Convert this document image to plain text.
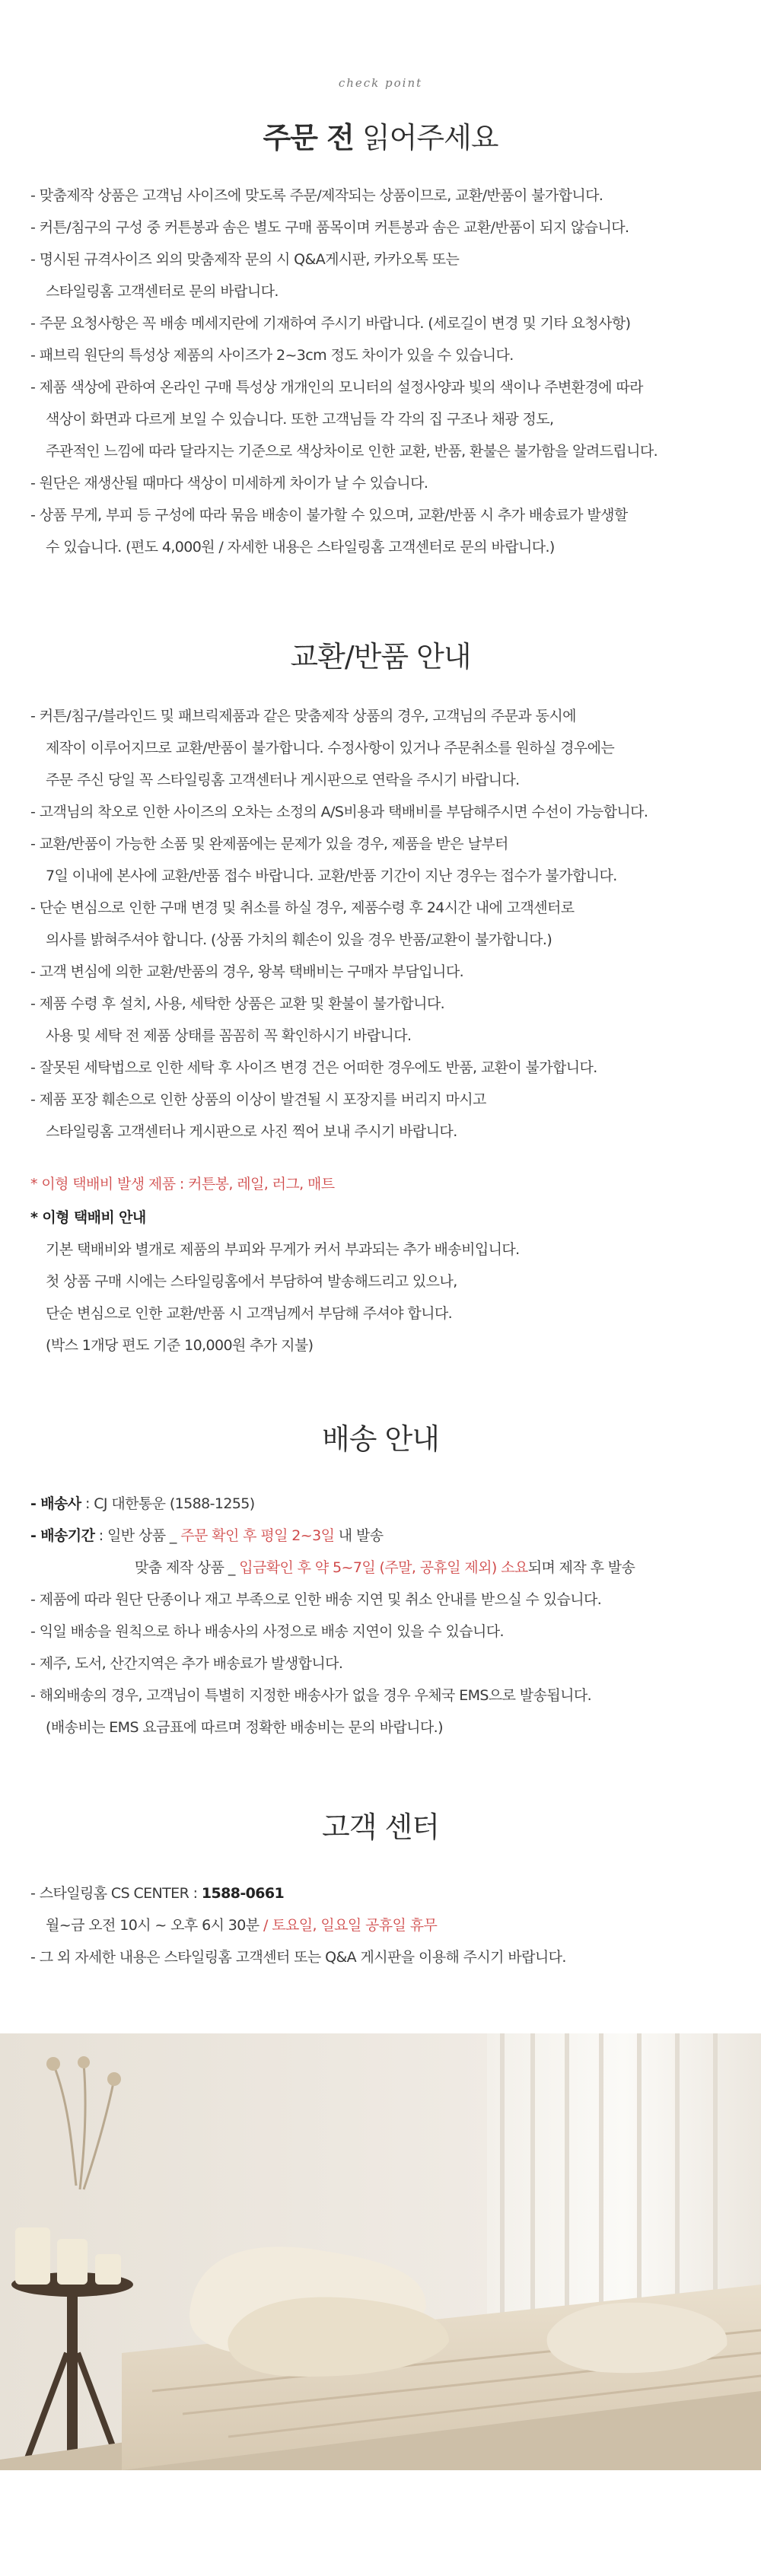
check point
주문 전 읽어주세요
- 맞춤제작 상품은 고객님 사이즈에 맞도록 주문/제작되는 상품이므로, 교환/반품이 불가합니다.
- 커튼/침구의 구성 중 커튼봉과 솜은 별도 구매 품목이며 커튼봉과 솜은 교환/반품이 되지 않습니다.
- 명시된 규격사이즈 외의 맞춤제작 문의 시 Q&A게시판, 카카오톡 또는
스타일링홈 고객센터로 문의 바랍니다.
- 주문 요청사항은 꼭 배송 메세지란에 기재하여 주시기 바랍니다. (세로길이 변경 및 기타 요청사항)
- 패브릭 원단의 특성상 제품의 사이즈가 2~3cm 정도 차이가 있을 수 있습니다.
- 제품 색상에 관하여 온라인 구매 특성상 개개인의 모니터의 설정사양과 빛의 색이나 주변환경에 따라
색상이 화면과 다르게 보일 수 있습니다. 또한 고객님들 각 각의 집 구조나 채광 정도,
주관적인 느낌에 따라 달라지는 기준으로 색상차이로 인한 교환, 반품, 환불은 불가함을 알려드립니다.
- 원단은 재생산될 때마다 색상이 미세하게 차이가 날 수 있습니다.
- 상품 무게, 부피 등 구성에 따라 묶음 배송이 불가할 수 있으며, 교환/반품 시 추가 배송료가 발생할
수 있습니다. (편도 4,000원 / 자세한 내용은 스타일링홈 고객센터로 문의 바랍니다.)
교환/반품 안내
- 커튼/침구/블라인드 및 패브릭제품과 같은 맞춤제작 상품의 경우, 고객님의 주문과 동시에
제작이 이루어지므로 교환/반품이 불가합니다. 수정사항이 있거나 주문취소를 원하실 경우에는
주문 주신 당일 꼭 스타일링홈 고객센터나 게시판으로 연락을 주시기 바랍니다.
- 고객님의 착오로 인한 사이즈의 오차는 소정의 A/S비용과 택배비를 부담해주시면 수선이 가능합니다.
- 교환/반품이 가능한 소품 및 완제품에는 문제가 있을 경우, 제품을 받은 날부터
7일 이내에 본사에 교환/반품 접수 바랍니다. 교환/반품 기간이 지난 경우는 접수가 불가합니다.
- 단순 변심으로 인한 구매 변경 및 취소를 하실 경우, 제품수령 후 24시간 내에 고객센터로
의사를 밝혀주셔야 합니다. (상품 가치의 훼손이 있을 경우 반품/교환이 불가합니다.)
- 고객 변심에 의한 교환/반품의 경우, 왕복 택배비는 구매자 부담입니다.
- 제품 수령 후 설치, 사용, 세탁한 상품은 교환 및 환불이 불가합니다.
사용 및 세탁 전 제품 상태를 꼼꼼히 꼭 확인하시기 바랍니다.
- 잘못된 세탁법으로 인한 세탁 후 사이즈 변경 건은 어떠한 경우에도 반품, 교환이 불가합니다.
- 제품 포장 훼손으로 인한 상품의 이상이 발견될 시 포장지를 버리지 마시고
스타일링홈 고객센터나 게시판으로 사진 찍어 보내 주시기 바랍니다.
* 이형 택배비 발생 제품 : 커튼봉, 레일, 러그, 매트
* 이형 택배비 안내
기본 택배비와 별개로 제품의 부피와 무게가 커서 부과되는 추가 배송비입니다.
첫 상품 구매 시에는 스타일링홈에서 부담하여 발송해드리고 있으나,
단순 변심으로 인한 교환/반품 시 고객님께서 부담해 주셔야 합니다.
(박스 1개당 편도 기준 10,000원 추가 지불)
배송 안내
- 배송사 : CJ 대한통운 (1588-1255)
- 배송기간 : 일반 상품 _ 주문 확인 후 평일 2~3일 내 발송
맞춤 제작 상품 _ 입금확인 후 약 5~7일 (주말, 공휴일 제외) 소요되며 제작 후 발송
- 제품에 따라 원단 단종이나 재고 부족으로 인한 배송 지연 및 취소 안내를 받으실 수 있습니다.
- 익일 배송을 원칙으로 하나 배송사의 사정으로 배송 지연이 있을 수 있습니다.
- 제주, 도서, 산간지역은 추가 배송료가 발생합니다.
- 해외배송의 경우, 고객님이 특별히 지정한 배송사가 없을 경우 우체국 EMS으로 발송됩니다.
(배송비는 EMS 요금표에 따르며 정확한 배송비는 문의 바랍니다.)
고객 센터
- 스타일링홈 CS CENTER : 1588-0661
월~금 오전 10시 ~ 오후 6시 30분 / 토요일, 일요일 공휴일 휴무
- 그 외 자세한 내용은 스타일링홈 고객센터 또는 Q&A 게시판을 이용해 주시기 바랍니다.
